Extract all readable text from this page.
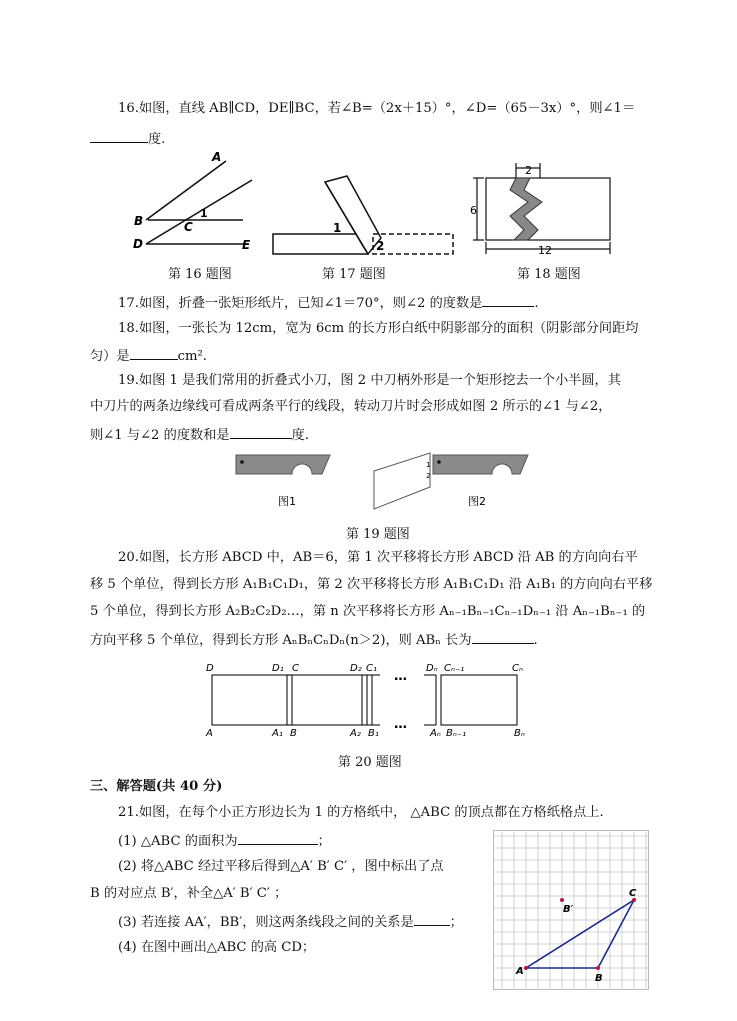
16.如图，直线 AB∥CD，DE∥BC，若∠B=（2x＋15）°，∠D=（65－3x）°，则∠1＝
度.
A
B	C
D	E
1
第 16 题图
1
2
第 17 题图
2
6
12
第 18 题图
17.如图，折叠一张矩形纸片，已知∠1＝70°，则∠2 的度数是	.
18.如图，一张长为 12cm，宽为 6cm 的长方形白纸中阴影部分的面积（阴影部分间距均
匀）是	cm².
19.如图 1 是我们常用的折叠式小刀，图 2 中刀柄外形是一个矩形挖去一个小半圆，其
中刀片的两条边缘线可看成两条平行的线段，转动刀片时会形成如图 2 所示的∠1 与∠2，
则∠1 与∠2 的度数和是	度.
图1
1
2
图2
第 19 题图
20.如图，长方形 ABCD 中，AB＝6，第 1 次平移将长方形 ABCD 沿 AB 的方向向右平
移 5 个单位，得到长方形 A₁B₁C₁D₁，第 2 次平移将长方形 A₁B₁C₁D₁ 沿 A₁B₁ 的方向向右平移
5 个单位，得到长方形 A₂B₂C₂D₂…，第 n 次平移将长方形 Aₙ₋₁Bₙ₋₁Cₙ₋₁Dₙ₋₁ 沿 Aₙ₋₁Bₙ₋₁ 的
方向平移 5 个单位，得到长方形 AₙBₙCₙDₙ(n＞2)，则 ABₙ 长为	.
…
…
D	D₁ C	D₂ C₁	Dₙ Cₙ₋₁	Cₙ
A	A₁ B	A₂ B₁	Aₙ Bₙ₋₁	Bₙ
第 20 题图
三、解答题(共 40 分)
21.如图，在每个小正方形边长为 1 的方格纸中， △ABC 的顶点都在方格纸格点上.
(1) △ABC 的面积为	；
(2) 将△ABC 经过平移后得到△A′ B′ C′ ，图中标出了点
B 的对应点 B′，补全△A′ B′ C′ ；
(3) 若连接 AA′，BB′，则这两条线段之间的关系是	；
(4) 在图中画出△ABC 的高 CD；
A
B
C
B′
